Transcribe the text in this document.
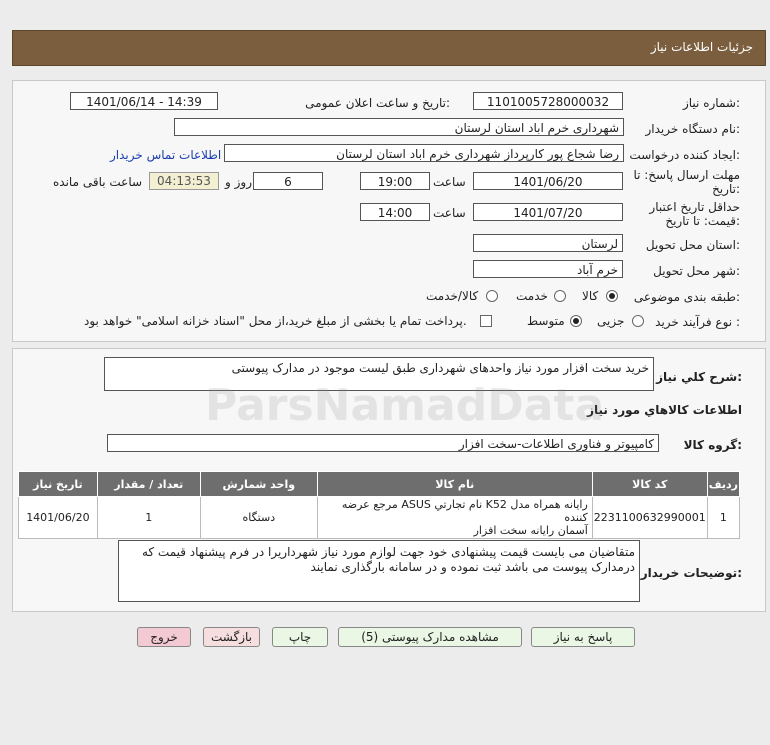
جزئیات اطلاعات نیاز
شماره نیاز:
1101005728000032
تاریخ و ساعت اعلان عمومی:
1401/06/14 - 14:39
نام دستگاه خریدار:
شهرداری خرم اباد استان لرستان
ایجاد کننده درخواست:
رضا شجاع پور کارپرداز شهرداری خرم اباد استان لرستان
اطلاعات تماس خریدار
مهلت ارسال پاسخ: تا
تاریخ:
1401/06/20
ساعت
19:00
6
روز و
04:13:53
ساعت باقی مانده
حداقل تاریخ اعتبار
قیمت: تا تاریخ:
1401/07/20
ساعت
14:00
استان محل تحویل:
لرستان
شهر محل تحویل:
خرم آباد
طبقه بندی موضوعی:
کالا
خدمت
کالا/خدمت
نوع فرآیند خرید :
جزیی
متوسط
پرداخت تمام یا بخشی از مبلغ خرید،از محل "اسناد خزانه اسلامی" خواهد بود.
شرح کلي نياز:
خرید سخت افزار مورد نیاز واحدهای شهرداری طبق لیست موجود در مدارک پیوستی
اطلاعات کالاهاي مورد نياز
گروه کالا:
کامپیوتر و فناوری اطلاعات-سخت افزار
ردیف	کد کالا	نام کالا	واحد شمارش	تعداد / مقدار	تاریخ نیاز
1	2231100632990001	رایانه همراه مدل K52 نام تجارتي ASUS مرجع عرضه کننده
آسمان رایانه سخت افزار	دستگاه	1	1401/06/20
توضیحات خریدار:
متقاضیان می بایست قیمت پیشنهادی خود جهت لوازم مورد نیاز شهرداریرا در فرم پیشنهاد قیمت که
درمدارک پیوست می باشد ثبت نموده و در سامانه بارگذاری نمایند
پاسخ به نیاز
مشاهده مدارک پیوستی (5)
چاپ
بازگشت
خروج
